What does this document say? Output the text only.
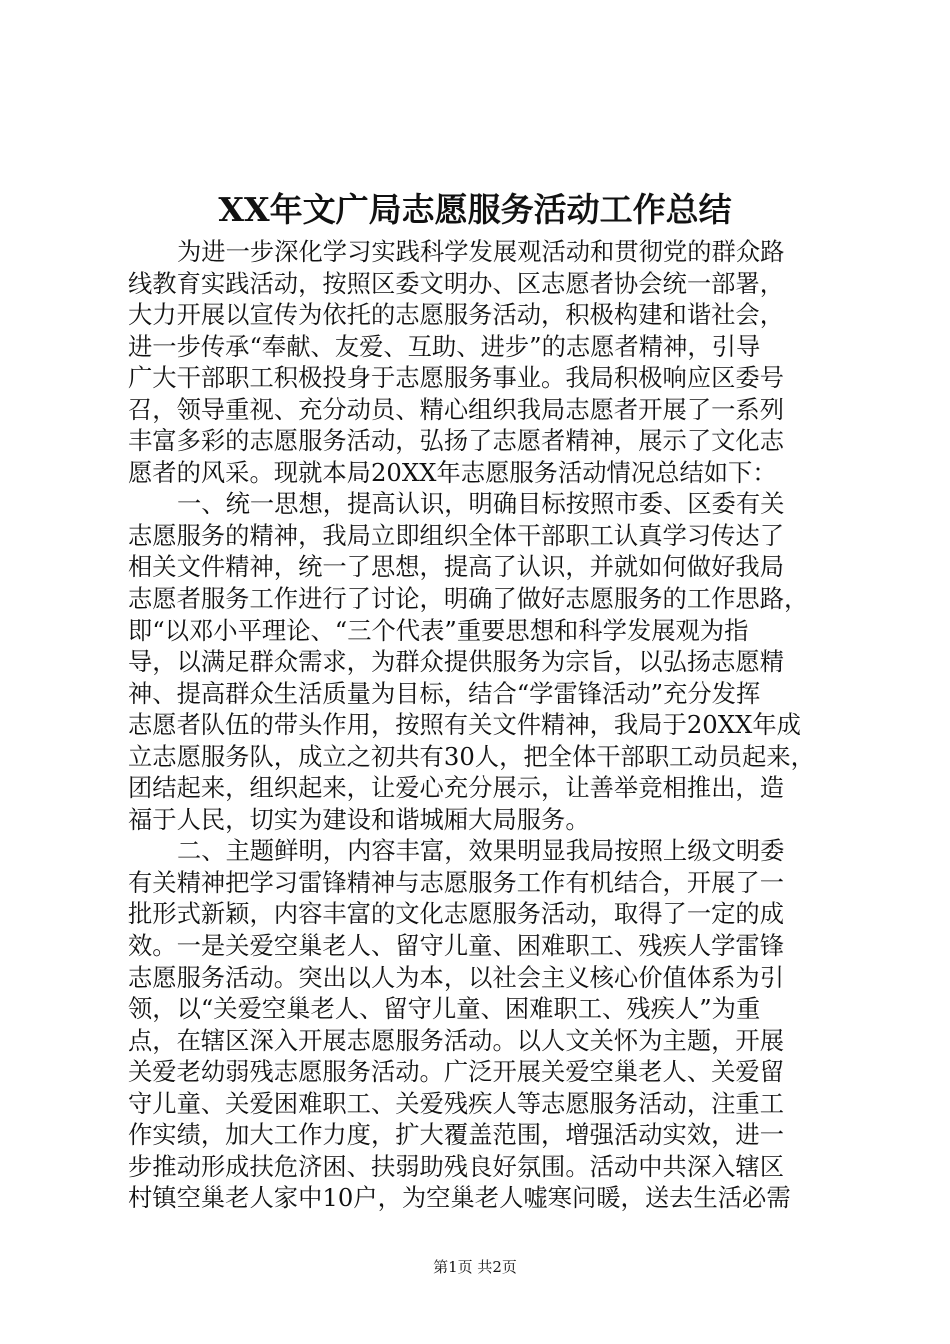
XX年文广局志愿服务活动工作总结

为进一步深化学习实践科学发展观活动和贯彻党的群众路
线教育实践活动，按照区委文明办、区志愿者协会统一部署，
大力开展以宣传为依托的志愿服务活动，积极构建和谐社会，
进一步传承“奉献、友爱、互助、进步”的志愿者精神，引导
广大干部职工积极投身于志愿服务事业。我局积极响应区委号
召，领导重视、充分动员、精心组织我局志愿者开展了一系列
丰富多彩的志愿服务活动，弘扬了志愿者精神，展示了文化志
愿者的风采。现就本局20XX年志愿服务活动情况总结如下：

一、统一思想，提高认识，明确目标按照市委、区委有关
志愿服务的精神，我局立即组织全体干部职工认真学习传达了
相关文件精神，统一了思想，提高了认识，并就如何做好我局
志愿者服务工作进行了讨论，明确了做好志愿服务的工作思路，
即“以邓小平理论、“三个代表”重要思想和科学发展观为指
导，以满足群众需求，为群众提供服务为宗旨，以弘扬志愿精
神、提高群众生活质量为目标，结合“学雷锋活动”充分发挥
志愿者队伍的带头作用，按照有关文件精神，我局于20XX年成
立志愿服务队，成立之初共有30人，把全体干部职工动员起来，
团结起来，组织起来，让爱心充分展示，让善举竞相推出，造
福于人民，切实为建设和谐城厢大局服务。

二、主题鲜明，内容丰富，效果明显我局按照上级文明委
有关精神把学习雷锋精神与志愿服务工作有机结合，开展了一
批形式新颖，内容丰富的文化志愿服务活动，取得了一定的成
效。一是关爱空巢老人、留守儿童、困难职工、残疾人学雷锋
志愿服务活动。突出以人为本，以社会主义核心价值体系为引
领，以“关爱空巢老人、留守儿童、困难职工、残疾人”为重
点，在辖区深入开展志愿服务活动。以人文关怀为主题，开展
关爱老幼弱残志愿服务活动。广泛开展关爱空巢老人、关爱留
守儿童、关爱困难职工、关爱残疾人等志愿服务活动，注重工
作实绩，加大工作力度，扩大覆盖范围，增强活动实效，进一
步推动形成扶危济困、扶弱助残良好氛围。活动中共深入辖区
村镇空巢老人家中10户，为空巢老人嘘寒问暖，送去生活必需

第1页 共2页
